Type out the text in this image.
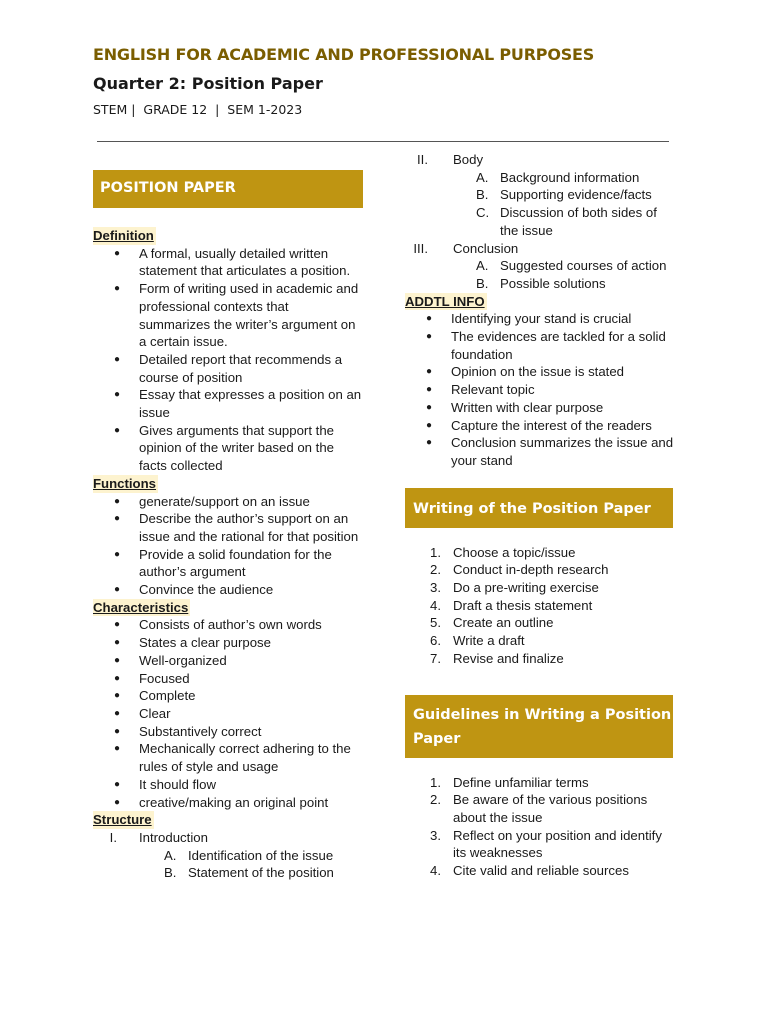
ENGLISH FOR ACADEMIC AND PROFESSIONAL PURPOSES
Quarter 2: Position Paper
STEM |  GRADE 12  |  SEM 1-2023
POSITION PAPER
Definition
● A formal, usually detailed written statement that articulates a position.
● Form of writing used in academic and professional contexts that summarizes the writer’s argument on a certain issue.
● Detailed report that recommends a course of position
● Essay that expresses a position on an issue
● Gives arguments that support the opinion of the writer based on the facts collected
Functions
● generate/support on an issue
● Describe the author’s support on an issue and the rational for that position
● Provide a solid foundation for the author’s argument
● Convince the audience
Characteristics
● Consists of author’s own words
● States a clear purpose
● Well-organized
● Focused
● Complete
● Clear
● Substantively correct
● Mechanically correct adhering to the rules of style and usage
● It should flow
● creative/making an original point
Structure
I. Introduction
A. Identification of the issue
B. Statement of the position
II. Body
A. Background information
B. Supporting evidence/facts
C. Discussion of both sides of the issue
III. Conclusion
A. Suggested courses of action
B. Possible solutions
ADDTL INFO
● Identifying your stand is crucial
● The evidences are tackled for a solid foundation
● Opinion on the issue is stated
● Relevant topic
● Written with clear purpose
● Capture the interest of the readers
● Conclusion summarizes the issue and your stand
Writing of the Position Paper
1. Choose a topic/issue
2. Conduct in-depth research
3. Do a pre-writing exercise
4. Draft a thesis statement
5. Create an outline
6. Write a draft
7. Revise and finalize
Guidelines in Writing a Position Paper
1. Define unfamiliar terms
2. Be aware of the various positions about the issue
3. Reflect on your position and identify its weaknesses
4. Cite valid and reliable sources
